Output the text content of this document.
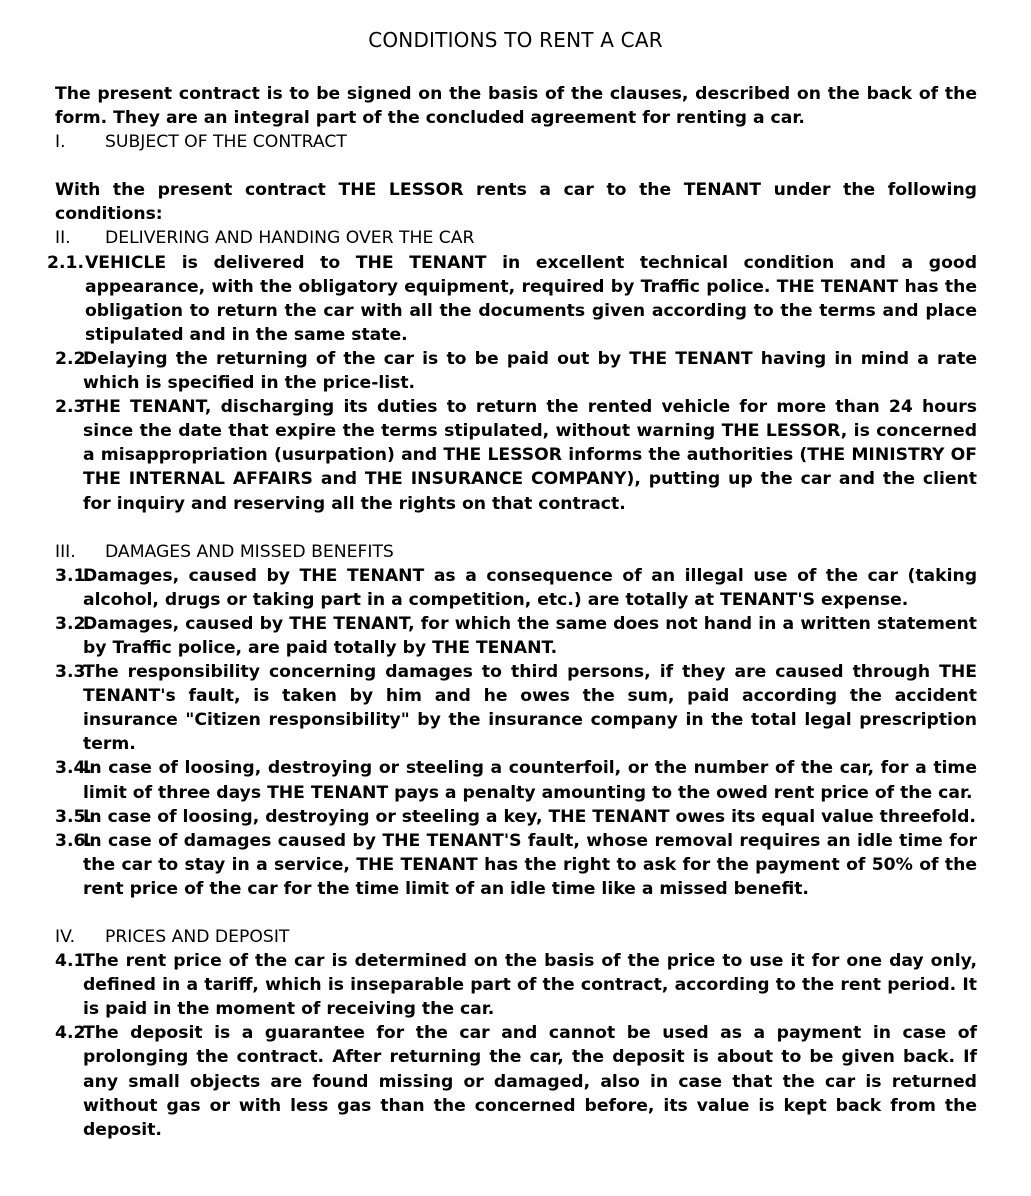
CONDITIONS TO RENT A CAR

The present contract is to be signed on the basis of the clauses, described on the back of the form. They are an integral part of the concluded agreement for renting a car.

I. SUBJECT OF THE CONTRACT

With the present contract THE LESSOR rents a car to the TENANT under the following conditions:

II. DELIVERING AND HANDING OVER THE CAR

2.1. VEHICLE is delivered to THE TENANT in excellent technical condition and a good appearance, with the obligatory equipment, required by Traffic police. THE TENANT has the obligation to return the car with all the documents given according to the terms and place stipulated and in the same state.

2.2.
Delaying the returning of the car is to be paid out by THE TENANT having in mind a rate which is specified in the price-list.

2.3.
THE TENANT, discharging its duties to return the rented vehicle for more than 24 hours since the date that expire the terms stipulated, without warning THE LESSOR, is concerned a misappropriation (usurpation) and THE LESSOR informs the authorities (THE MINISTRY OF THE INTERNAL AFFAIRS and THE INSURANCE COMPANY), putting up the car and the client for inquiry and reserving all the rights on that contract.

III. DAMAGES AND MISSED BENEFITS

3.1.
Damages, caused by THE TENANT as a consequence of an illegal use of the car (taking alcohol, drugs or taking part in a competition, etc.) are totally at TENANT'S expense.

3.2.
Damages, caused by THE TENANT, for which the same does not hand in a written statement by Traffic police, are paid totally by THE TENANT.

3.3.
The responsibility concerning damages to third persons, if they are caused through THE TENANT's fault, is taken by him and he owes the sum, paid according the accident insurance "Citizen responsibility" by the insurance company in the total legal prescription term.

3.4.
In case of loosing, destroying or steeling a counterfoil, or the number of the car, for a time limit of three days THE TENANT pays a penalty amounting to the owed rent price of the car.

3.5.
In case of loosing, destroying or steeling a key, THE TENANT owes its equal value threefold.

3.6.
In case of damages caused by THE TENANT'S fault, whose removal requires an idle time for the car to stay in a service, THE TENANT has the right to ask for the payment of 50% of the rent price of the car for the time limit of an idle time like a missed benefit.

IV. PRICES AND DEPOSIT

4.1.
The rent price of the car is determined on the basis of the price to use it for one day only, defined in a tariff, which is inseparable part of the contract, according to the rent period. It is paid in the moment of receiving the car.

4.2.
The deposit is a guarantee for the car and cannot be used as a payment in case of prolonging the contract. After returning the car, the deposit is about to be given back. If any small objects are found missing or damaged, also in case that the car is returned without gas or with less gas than the concerned before, its value is kept back from the deposit.
